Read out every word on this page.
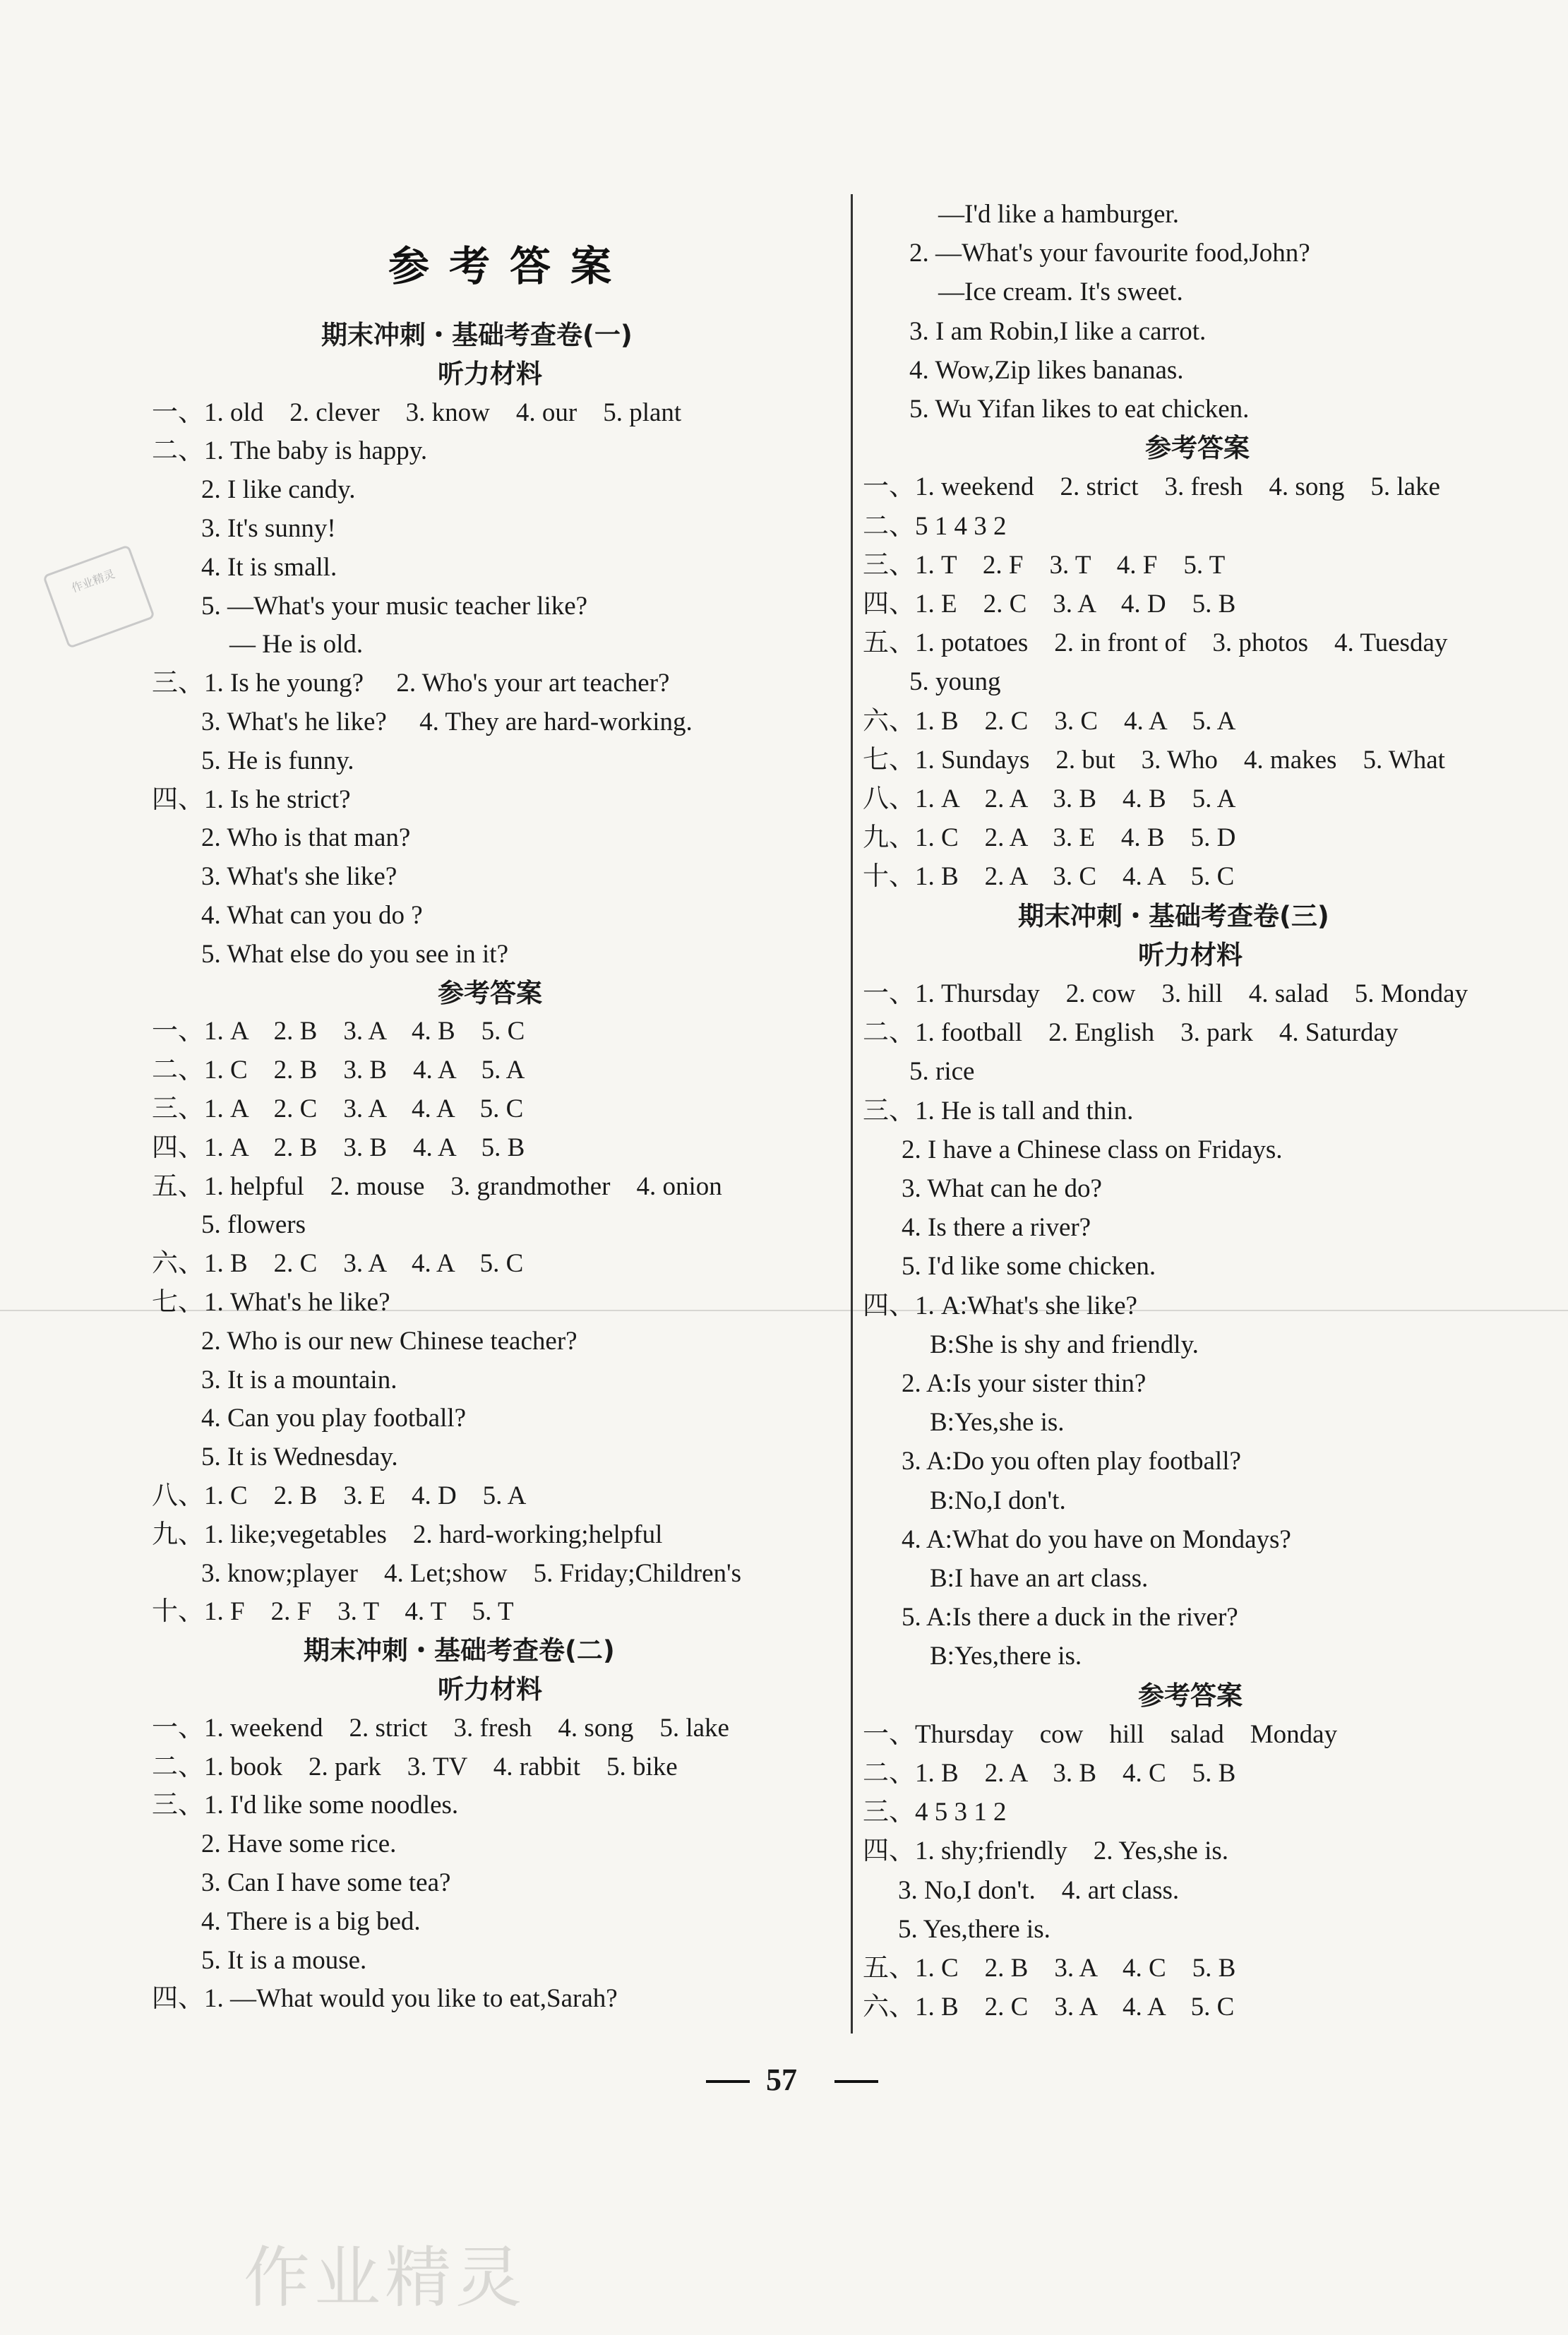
参考答案
作业精灵
期末冲刺・基础考查卷(一)
听力材料
一、1. old    2. clever    3. know    4. our    5. plant
二、1. The baby is happy.
2. I like candy.
3. It's sunny!
4. It is small.
5. —What's your music teacher like?
— He is old.
三、1. Is he young?     2. Who's your art teacher?
3. What's he like?     4. They are hard-working.
5. He is funny.
四、1. Is he strict?
2. Who is that man?
3. What's she like?
4. What can you do ?
5. What else do you see in it?
参考答案
一、1. A    2. B    3. A    4. B    5. C
二、1. C    2. B    3. B    4. A    5. A
三、1. A    2. C    3. A    4. A    5. C
四、1. A    2. B    3. B    4. A    5. B
五、1. helpful    2. mouse    3. grandmother    4. onion
5. flowers
六、1. B    2. C    3. A    4. A    5. C
七、1. What's he like?
2. Who is our new Chinese teacher?
3. It is a mountain.
4. Can you play football?
5. It is Wednesday.
八、1. C    2. B    3. E    4. D    5. A
九、1. like;vegetables    2. hard-working;helpful
3. know;player    4. Let;show    5. Friday;Children's
十、1. F    2. F    3. T    4. T    5. T
期末冲刺・基础考查卷(二)
听力材料
一、1. weekend    2. strict    3. fresh    4. song    5. lake
二、1. book    2. park    3. TV    4. rabbit    5. bike
三、1. I'd like some noodles.
2. Have some rice.
3. Can I have some tea?
4. There is a big bed.
5. It is a mouse.
四、1. —What would you like to eat,Sarah?
—I'd like a hamburger.
2. —What's your favourite food,John?
—Ice cream. It's sweet.
3. I am Robin,I like a carrot.
4. Wow,Zip likes bananas.
5. Wu Yifan likes to eat chicken.
参考答案
一、1. weekend    2. strict    3. fresh    4. song    5. lake
二、5 1 4 3 2
三、1. T    2. F    3. T    4. F    5. T
四、1. E    2. C    3. A    4. D    5. B
五、1. potatoes    2. in front of    3. photos    4. Tuesday
5. young
六、1. B    2. C    3. C    4. A    5. A
七、1. Sundays    2. but    3. Who    4. makes    5. What
八、1. A    2. A    3. B    4. B    5. A
九、1. C    2. A    3. E    4. B    5. D
十、1. B    2. A    3. C    4. A    5. C
期末冲刺・基础考查卷(三)
听力材料
一、1. Thursday    2. cow    3. hill    4. salad    5. Monday
二、1. football    2. English    3. park    4. Saturday
5. rice
三、1. He is tall and thin.
2. I have a Chinese class on Fridays.
3. What can he do?
4. Is there a river?
5. I'd like some chicken.
四、1. A:What's she like?
B:She is shy and friendly.
2. A:Is your sister thin?
B:Yes,she is.
3. A:Do you often play football?
B:No,I don't.
4. A:What do you have on Mondays?
B:I have an art class.
5. A:Is there a duck in the river?
B:Yes,there is.
参考答案
一、Thursday    cow    hill    salad    Monday
二、1. B    2. A    3. B    4. C    5. B
三、4 5 3 1 2
四、1. shy;friendly    2. Yes,she is.
3. No,I don't.    4. art class.
5. Yes,there is.
五、1. C    2. B    3. A    4. C    5. B
六、1. B    2. C    3. A    4. A    5. C
57
作业精灵
